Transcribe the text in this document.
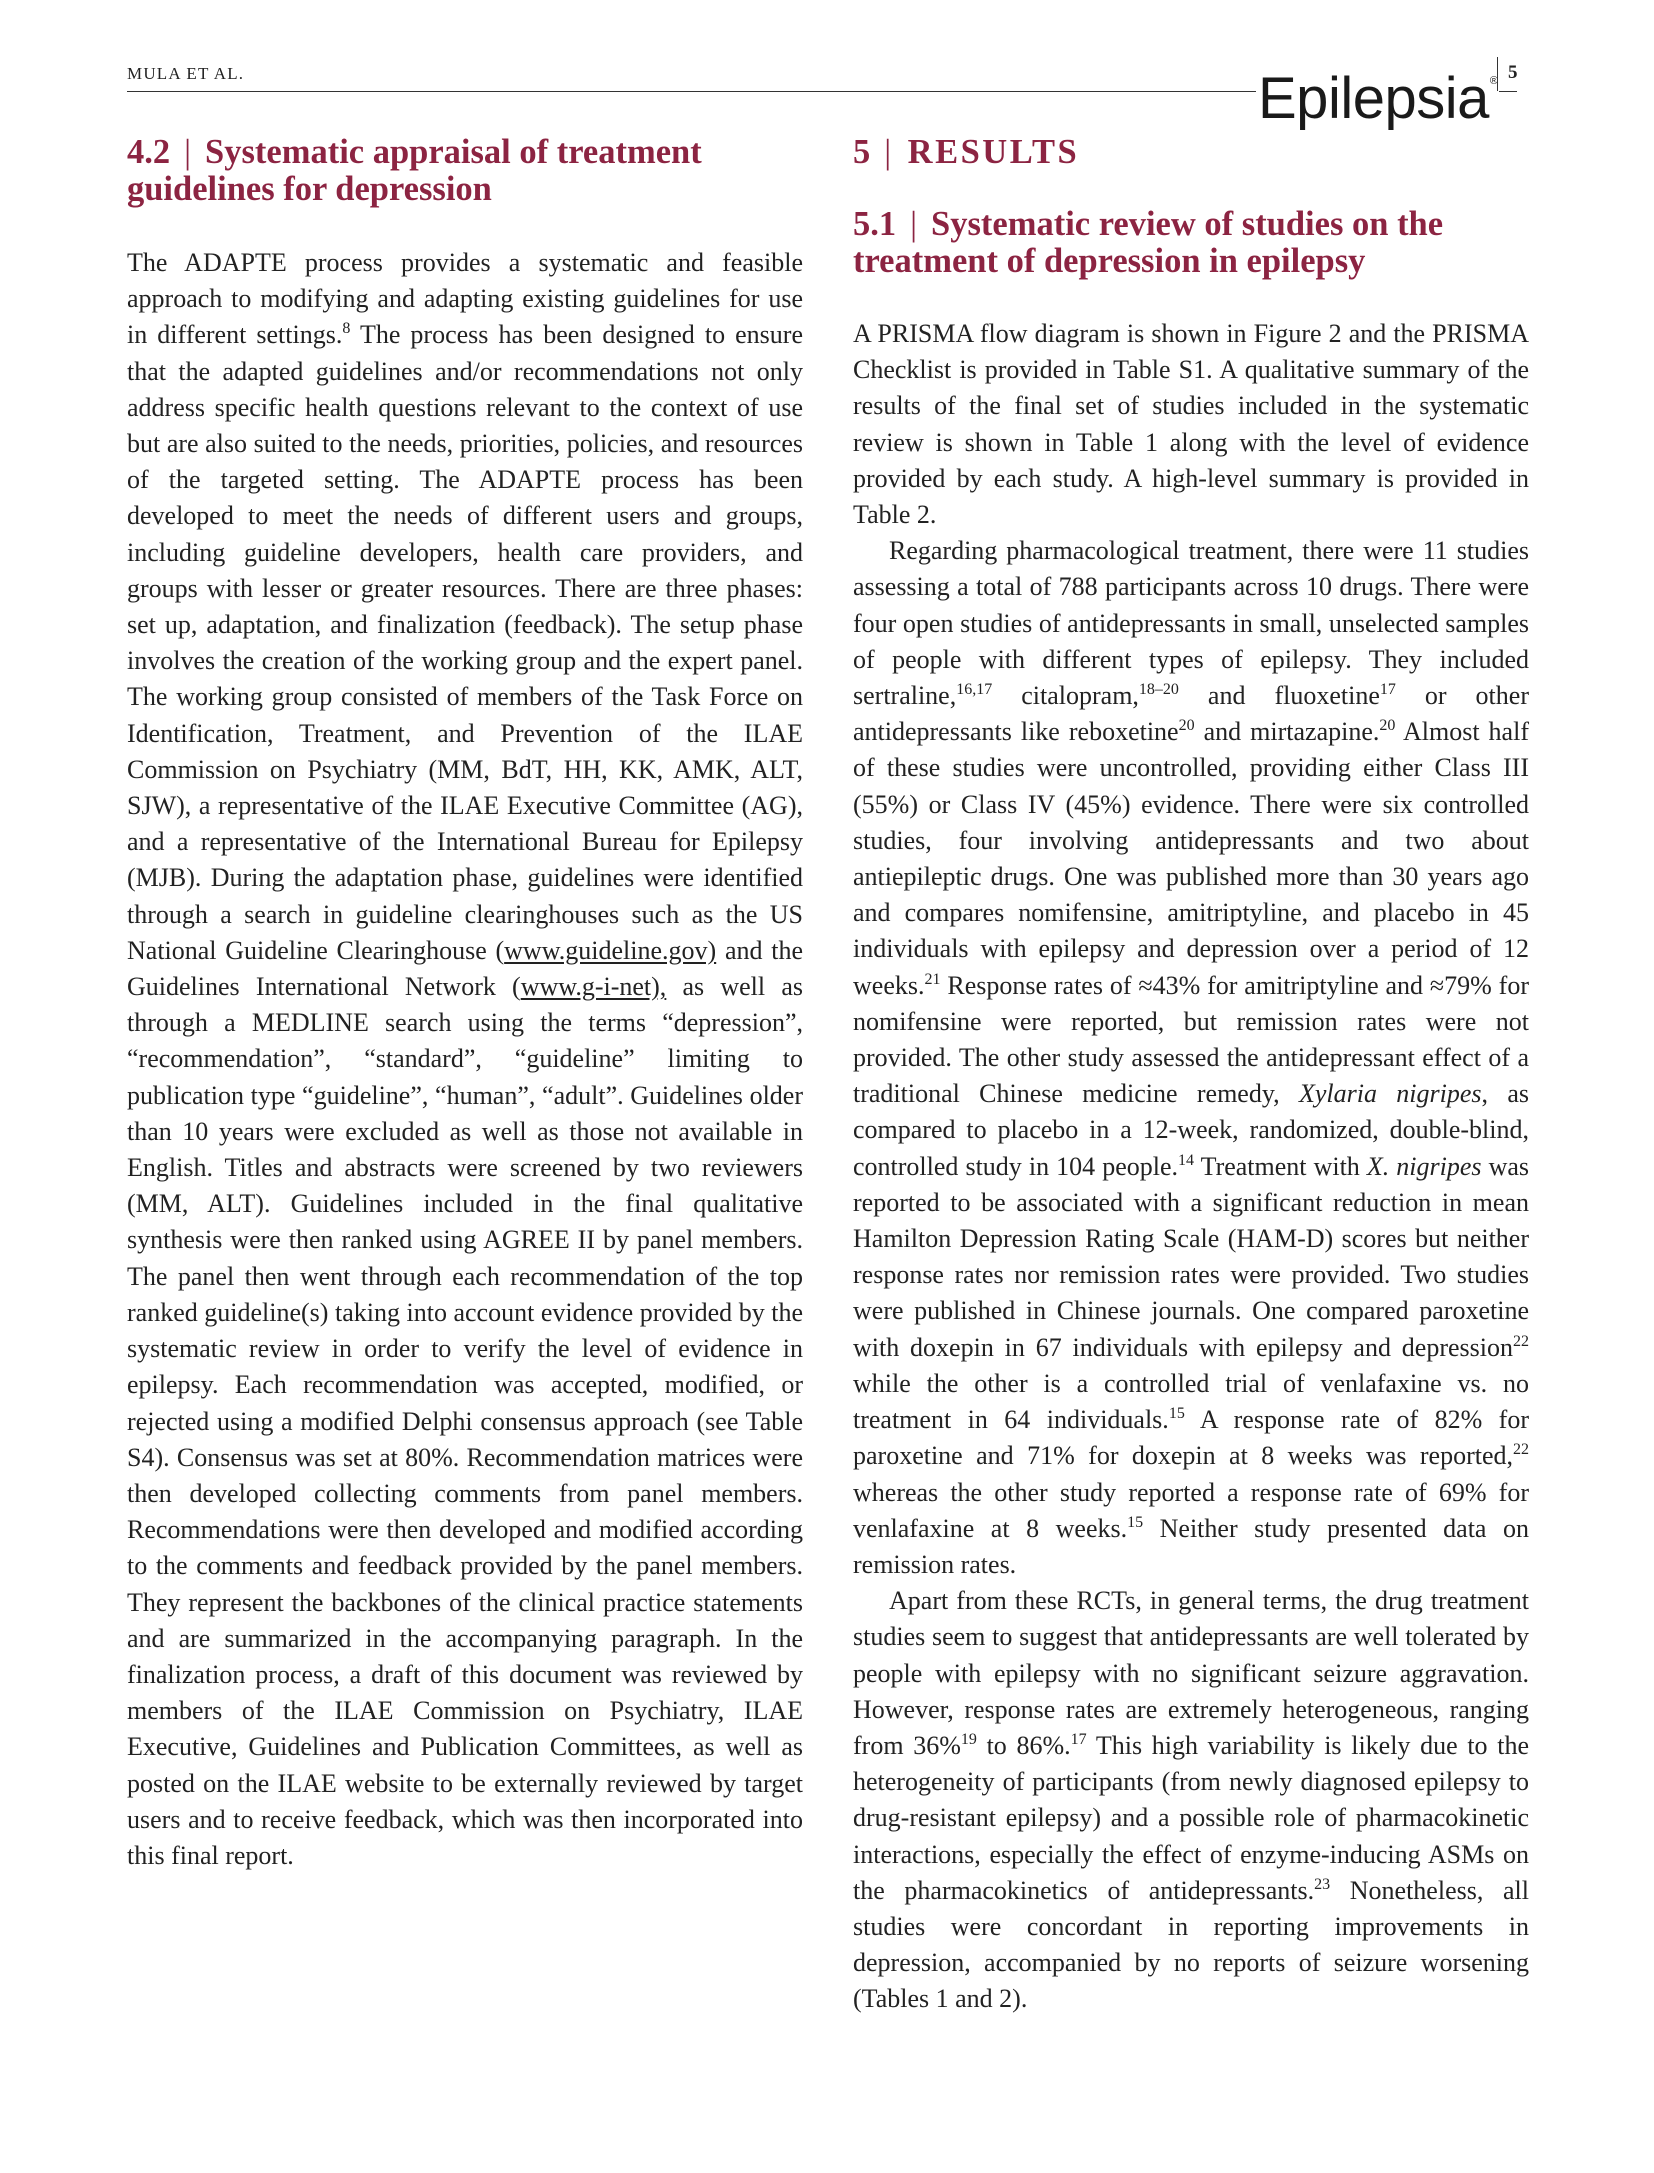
MULA ET AL.	Epilepsia® 5
4.2 | Systematic appraisal of treatment guidelines for depression

The ADAPTE process provides a systematic and feasible approach to modifying and adapting existing guidelines for use in different settings.$^8$ The process has been designed to ensure that the adapted guidelines and/or recommendations not only address specific health questions relevant to the context of use but are also suited to the needs, priorities, policies, and resources of the targeted setting. The ADAPTE process has been developed to meet the needs of different users and groups, including guideline developers, health care providers, and groups with lesser or greater resources. There are three phases: set up, adaptation, and finalization (feedback). The setup phase involves the creation of the working group and the expert panel. The working group consisted of members of the Task Force on Identification, Treatment, and Prevention of the ILAE Commission on Psychiatry (MM, BdT, HH, KK, AMK, ALT, SJW), a representative of the ILAE Executive Committee (AG), and a representative of the International Bureau for Epilepsy (MJB). During the adaptation phase, guidelines were identified through a search in guideline clearinghouses such as the US National Guideline Clearinghouse (www.guideline.gov) and the Guidelines International Network (www.g-i-net), as well as through a MEDLINE search using the terms “depression”, “recommendation”, “standard”, “guideline” limiting to publication type “guideline”, “human”, “adult”. Guidelines older than 10 years were excluded as well as those not available in English. Titles and abstracts were screened by two reviewers (MM, ALT). Guidelines included in the final qualitative synthesis were then ranked using AGREE II by panel members. The panel then went through each recommendation of the top ranked guideline(s) taking into account evidence provided by the systematic review in order to verify the level of evidence in epilepsy. Each recommendation was accepted, modified, or rejected using a modified Delphi consensus approach (see Table S4). Consensus was set at 80%. Recommendation matrices were then developed collecting comments from panel members. Recommendations were then developed and modified according to the comments and feedback provided by the panel members. They represent the backbones of the clinical practice statements and are summarized in the accompanying paragraph. In the finalization process, a draft of this document was reviewed by members of the ILAE Commission on Psychiatry, ILAE Executive, Guidelines and Publication Committees, as well as posted on the ILAE website to be externally reviewed by target users and to receive feedback, which was then incorporated into this final report.

5 | RESULTS
5.1 | Systematic review of studies on the treatment of depression in epilepsy

A PRISMA flow diagram is shown in Figure 2 and the PRISMA Checklist is provided in Table S1. A qualitative summary of the results of the final set of studies included in the systematic review is shown in Table 1 along with the level of evidence provided by each study. A high-level summary is provided in Table 2.

Regarding pharmacological treatment, there were 11 studies assessing a total of 788 participants across 10 drugs. There were four open studies of antidepressants in small, unselected samples of people with different types of epilepsy. They included sertraline,$^{16,17}$ citalopram,$^{18-20}$ and fluoxetine$^{17}$ or other antidepressants like reboxetine$^{20}$ and mirtazapine.$^{20}$ Almost half of these studies were uncontrolled, providing either Class III (55%) or Class IV (45%) evidence. There were six controlled studies, four involving antidepressants and two about antiepileptic drugs. One was published more than 30 years ago and compares nomifensine, amitriptyline, and placebo in 45 individuals with epilepsy and depression over a period of 12 weeks.$^{21}$ Response rates of ≈43% for amitriptyline and ≈79% for nomifensine were reported, but remission rates were not provided. The other study assessed the antidepressant effect of a traditional Chinese medicine remedy, Xylaria nigripes, as compared to placebo in a 12-week, randomized, double-blind, controlled study in 104 people.$^{14}$ Treatment with X. nigripes was reported to be associated with a significant reduction in mean Hamilton Depression Rating Scale (HAM-D) scores but neither response rates nor remission rates were provided. Two studies were published in Chinese journals. One compared paroxetine with doxepin in 67 individuals with epilepsy and depression$^{22}$ while the other is a controlled trial of venlafaxine vs. no treatment in 64 individuals.$^{15}$ A response rate of 82% for paroxetine and 71% for doxepin at 8 weeks was reported,$^{22}$ whereas the other study reported a response rate of 69% for venlafaxine at 8 weeks.$^{15}$ Neither study presented data on remission rates.

Apart from these RCTs, in general terms, the drug treatment studies seem to suggest that antidepressants are well tolerated by people with epilepsy with no significant seizure aggravation. However, response rates are extremely heterogeneous, ranging from 36%$^{19}$ to 86%.$^{17}$ This high variability is likely due to the heterogeneity of participants (from newly diagnosed epilepsy to drug-resistant epilepsy) and a possible role of pharmacokinetic interactions, especially the effect of enzyme-inducing ASMs on the pharmacokinetics of antidepressants.$^{23}$ Nonetheless, all studies were concordant in reporting improvements in depression, accompanied by no reports of seizure worsening (Tables 1 and 2).
